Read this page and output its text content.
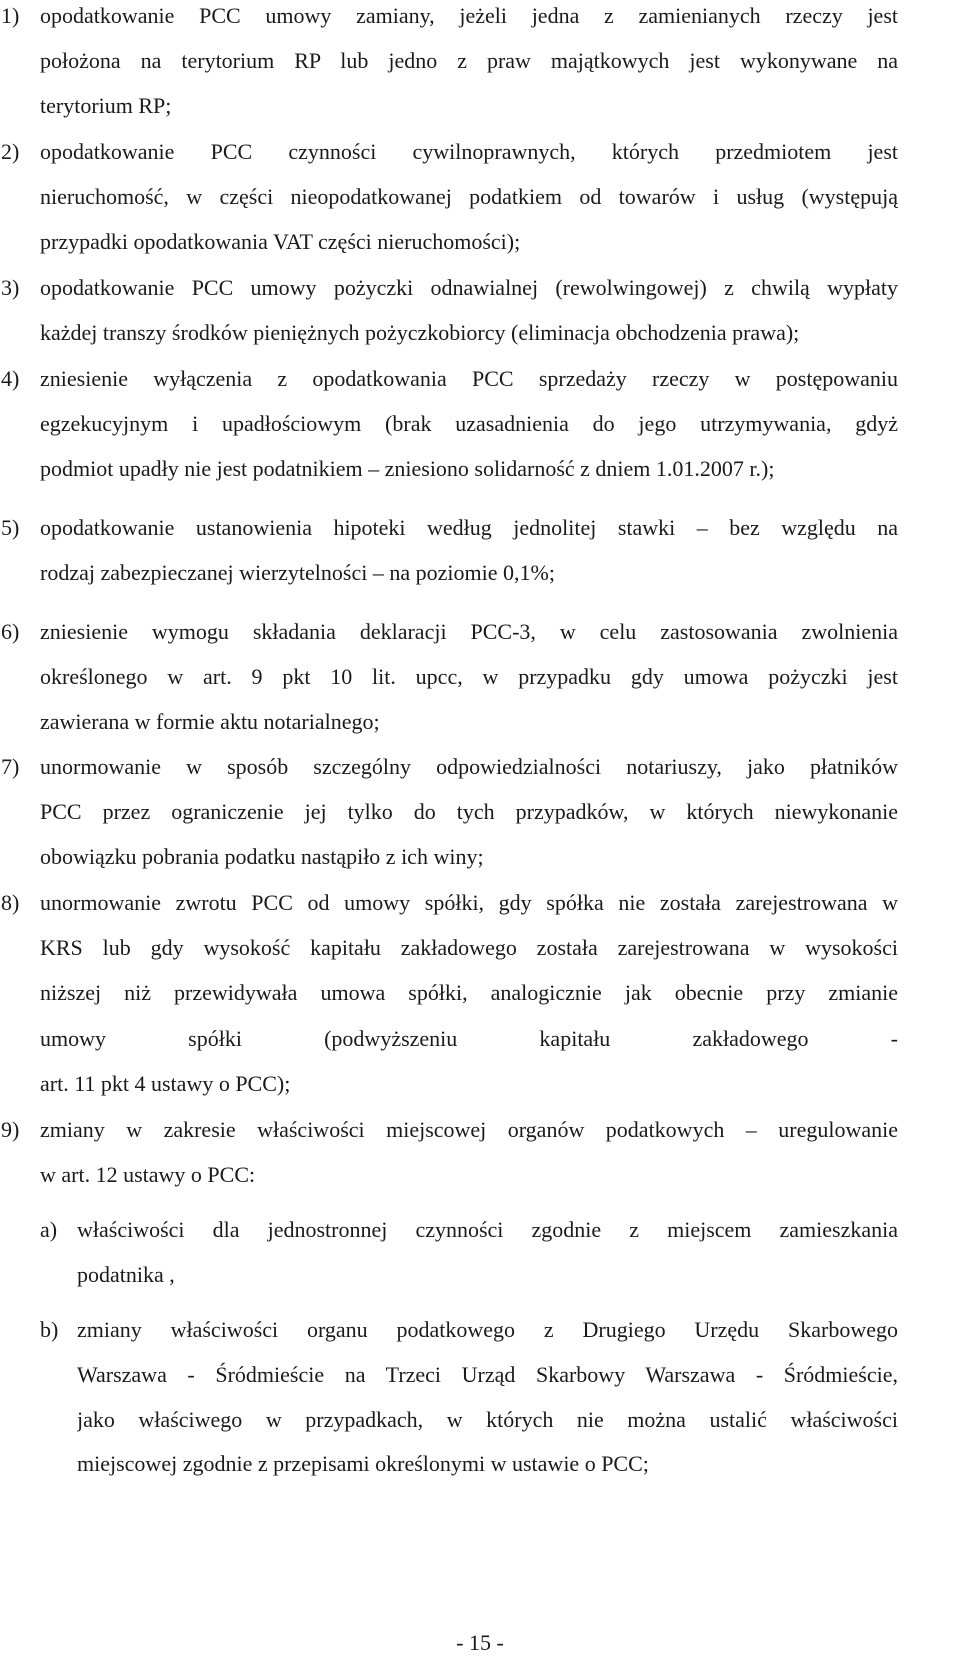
1) opodatkowanie PCC umowy zamiany, jeżeli jedna z zamienianych rzeczy jest
położona na terytorium RP lub jedno z praw majątkowych jest wykonywane na
terytorium RP;
2) opodatkowanie PCC czynności cywilnoprawnych, których przedmiotem jest
nieruchomość, w części nieopodatkowanej podatkiem od towarów i usług (występują
przypadki opodatkowania VAT części nieruchomości);
3) opodatkowanie PCC umowy pożyczki odnawialnej (rewolwingowej) z chwilą wypłaty
każdej transzy środków pieniężnych pożyczkobiorcy (eliminacja obchodzenia prawa);
4) zniesienie wyłączenia z opodatkowania PCC sprzedaży rzeczy w postępowaniu
egzekucyjnym i upadłościowym (brak uzasadnienia do jego utrzymywania, gdyż
podmiot upadły nie jest podatnikiem – zniesiono solidarność z dniem 1.01.2007 r.);
5) opodatkowanie ustanowienia hipoteki według jednolitej stawki – bez względu na
rodzaj zabezpieczanej wierzytelności – na poziomie 0,1%;
6) zniesienie wymogu składania deklaracji PCC-3, w celu zastosowania zwolnienia
określonego w art. 9 pkt 10 lit. upcc, w przypadku gdy umowa pożyczki jest
zawierana w formie aktu notarialnego;
7) unormowanie w sposób szczególny odpowiedzialności notariuszy, jako płatników
PCC przez ograniczenie jej tylko do tych przypadków, w których niewykonanie
obowiązku pobrania podatku nastąpiło z ich winy;
8) unormowanie zwrotu PCC od umowy spółki, gdy spółka nie została zarejestrowana w
KRS lub gdy wysokość kapitału zakładowego została zarejestrowana w wysokości
niższej niż przewidywała umowa spółki, analogicznie jak obecnie przy zmianie
umowy spółki (podwyższeniu kapitału zakładowego -
art. 11 pkt 4 ustawy o PCC);
9) zmiany w zakresie właściwości miejscowej organów podatkowych – uregulowanie
w art. 12 ustawy o PCC:
a) właściwości dla jednostronnej czynności zgodnie z miejscem zamieszkania
podatnika ,
b) zmiany właściwości organu podatkowego z Drugiego Urzędu Skarbowego
Warszawa - Śródmieście na Trzeci Urząd Skarbowy Warszawa - Śródmieście,
jako właściwego w przypadkach, w których nie można ustalić właściwości
miejscowej zgodnie z przepisami określonymi w ustawie o PCC;
- 15 -
